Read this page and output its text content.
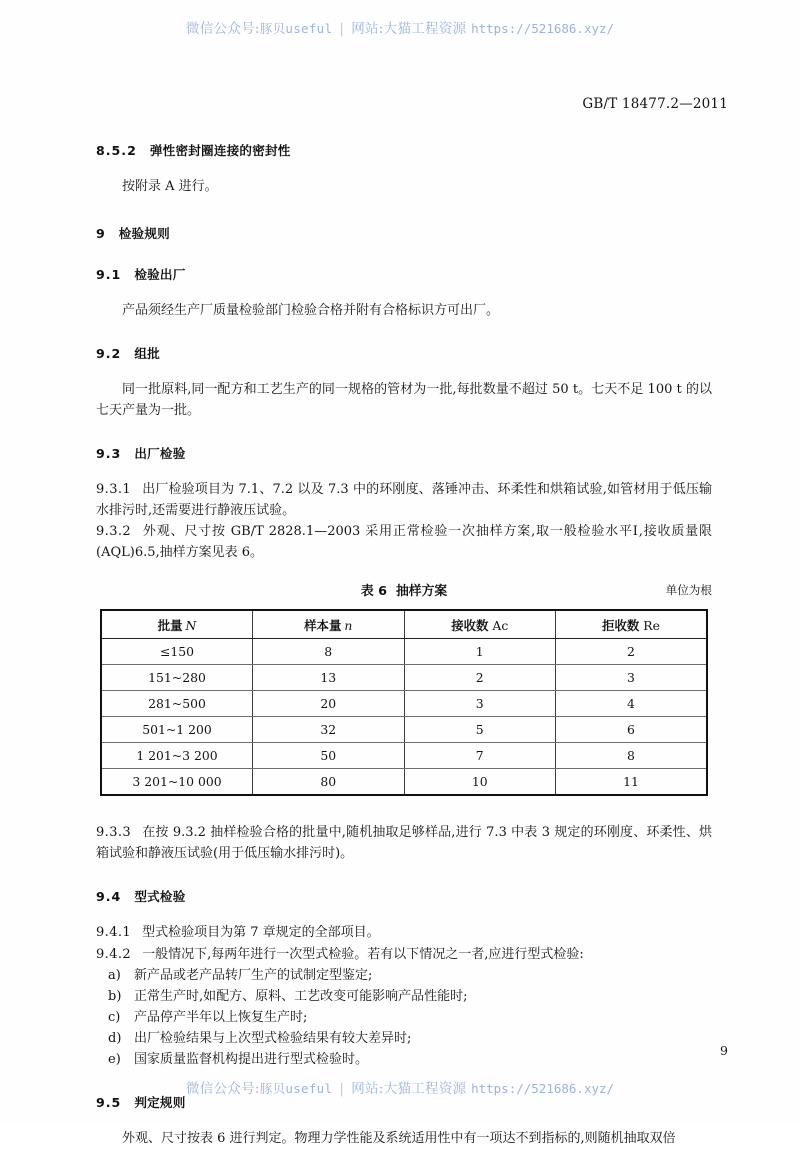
微信公众号:豚贝useful | 网站:大猫工程资源 https://521686.xyz/
GB/T 18477.2—2011

8.5.2 弹性密封圈连接的密封性

按附录 A 进行。

9 检验规则

9.1 检验出厂

产品须经生产厂质量检验部门检验合格并附有合格标识方可出厂。

9.2 组批

同一批原料,同一配方和工艺生产的同一规格的管材为一批,每批数量不超过 50 t。七天不足 100 t 的以七天产量为一批。

9.3 出厂检验

9.3.1 出厂检验项目为 7.1、7.2 以及 7.3 中的环刚度、落锤冲击、环柔性和烘箱试验,如管材用于低压输水排污时,还需要进行静液压试验。

9.3.2 外观、尺寸按 GB/T 2828.1—2003 采用正常检验一次抽样方案,取一般检验水平Ⅰ,接收质量限(AQL)6.5,抽样方案见表 6。

表 6 抽样方案	单位为根
批量 N	样本量 n	接收数 Ac	拒收数 Re
≤150	8	1	2
151~280	13	2	3
281~500	20	3	4
501~1 200	32	5	6
1 201~3 200	50	7	8
3 201~10 000	80	10	11

9.3.3 在按 9.3.2 抽样检验合格的批量中,随机抽取足够样品,进行 7.3 中表 3 规定的环刚度、环柔性、烘箱试验和静液压试验(用于低压输水排污时)。

9.4 型式检验

9.4.1 型式检验项目为第 7 章规定的全部项目。

9.4.2 一般情况下,每两年进行一次型式检验。若有以下情况之一者,应进行型式检验:

a)	新产品或老产品转厂生产的试制定型鉴定;
b) 正常生产时,如配方、原料、工艺改变可能影响产品性能时;
c)	产品停产半年以上恢复生产时;
d) 出厂检验结果与上次型式检验结果有较大差异时;
e)	国家质量监督机构提出进行型式检验时。

9.5 判定规则

外观、尺寸按表 6 进行判定。物理力学性能及系统适用性中有一项达不到指标的,则随机抽取双倍

9
微信公众号:豚贝useful | 网站:大猫工程资源 https://521686.xyz/
